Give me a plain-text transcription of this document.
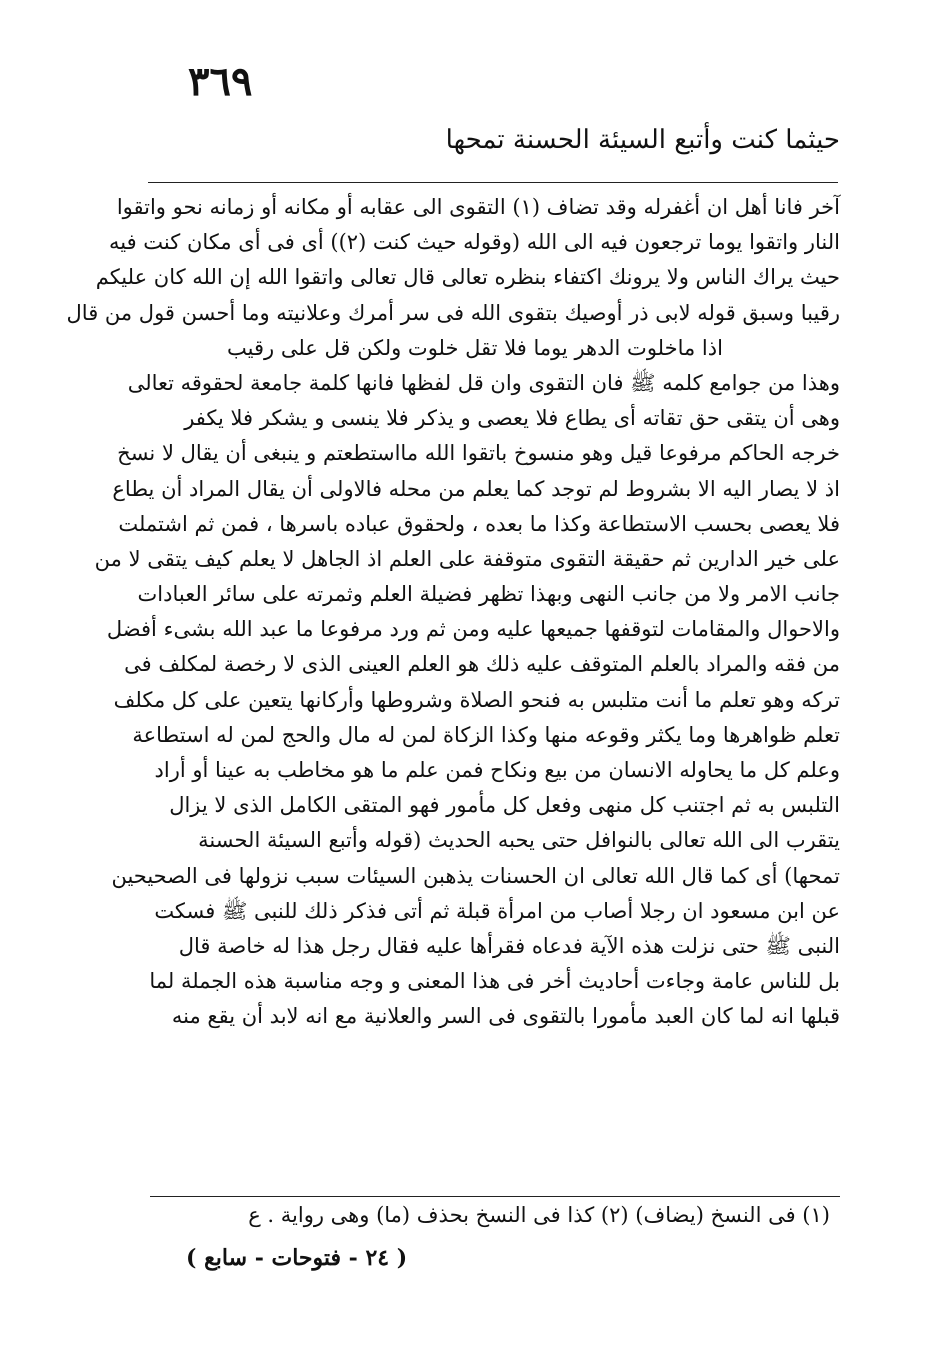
٣٦٩
حيثما كنت وأتبع السيئة الحسنة تمحها
آخر فانا أهل ان أغفرله وقد تضاف (١) التقوى الى عقابه أو مكانه أو زمانه نحو واتقوا
النار واتقوا يوما ترجعون فيه الى الله (وقوله حيث كنت (٢)) أى فى أى مكان كنت فيه
حيث يراك الناس ولا يرونك اكتفاء بنظره تعالى قال تعالى واتقوا الله إن الله كان عليكم
رقيبا وسبق قوله لابى ذر أوصيك بتقوى الله فى سر أمرك وعلانيته وما أحسن قول من قال
اذا ماخلوت الدهر يوما فلا تقل خلوت ولكن قل على رقيب
وهذا من جوامع كلمه ﷺ فان التقوى وان قل لفظها فانها كلمة جامعة لحقوقه تعالى
وهى أن يتقى حق تقاته أى يطاع فلا يعصى و يذكر فلا ينسى و يشكر فلا يكفر
خرجه الحاكم مرفوعا قيل وهو منسوخ باتقوا الله مااستطعتم و ينبغى أن يقال لا نسخ
اذ لا يصار اليه الا بشروط لم توجد كما يعلم من محله فالاولى أن يقال المراد أن يطاع
فلا يعصى بحسب الاستطاعة وكذا ما بعده ، ولحقوق عباده باسرها ، فمن ثم اشتملت
على خير الدارين ثم حقيقة التقوى متوقفة على العلم اذ الجاهل لا يعلم كيف يتقى لا من
جانب الامر ولا من جانب النهى وبهذا تظهر فضيلة العلم وثمرته على سائر العبادات
والاحوال والمقامات لتوقفها جميعها عليه ومن ثم ورد مرفوعا ما عبد الله بشىء أفضل
من فقه والمراد بالعلم المتوقف عليه ذلك هو العلم العينى الذى لا رخصة لمكلف فى
تركه وهو تعلم ما أنت متلبس به فنحو الصلاة وشروطها وأركانها يتعين على كل مكلف
تعلم ظواهرها وما يكثر وقوعه منها وكذا الزكاة لمن له مال والحج لمن له استطاعة
وعلم كل ما يحاوله الانسان من بيع ونكاح فمن علم ما هو مخاطب به عينا أو أراد
التلبس به ثم اجتنب كل منهى وفعل كل مأمور فهو المتقى الكامل الذى لا يزال
يتقرب الى الله تعالى بالنوافل حتى يحبه الحديث (قوله وأتبع السيئة الحسنة
تمحها) أى كما قال الله تعالى ان الحسنات يذهبن السيئات سبب نزولها فى الصحيحين
عن ابن مسعود ان رجلا أصاب من امرأة قبلة ثم أتى فذكر ذلك للنبى ﷺ فسكت
النبى ﷺ حتى نزلت هذه الآية فدعاه فقرأها عليه فقال رجل هذا له خاصة قال
بل للناس عامة وجاءت أحاديث أخر فى هذا المعنى و وجه مناسبة هذه الجملة لما
قبلها انه لما كان العبد مأمورا بالتقوى فى السر والعلانية مع انه لابد أن يقع منه
(١) فى النسخ (يضاف) (٢) كذا فى النسخ بحذف (ما) وهى رواية . ع
( ٢٤ - فتوحات - سابع )
